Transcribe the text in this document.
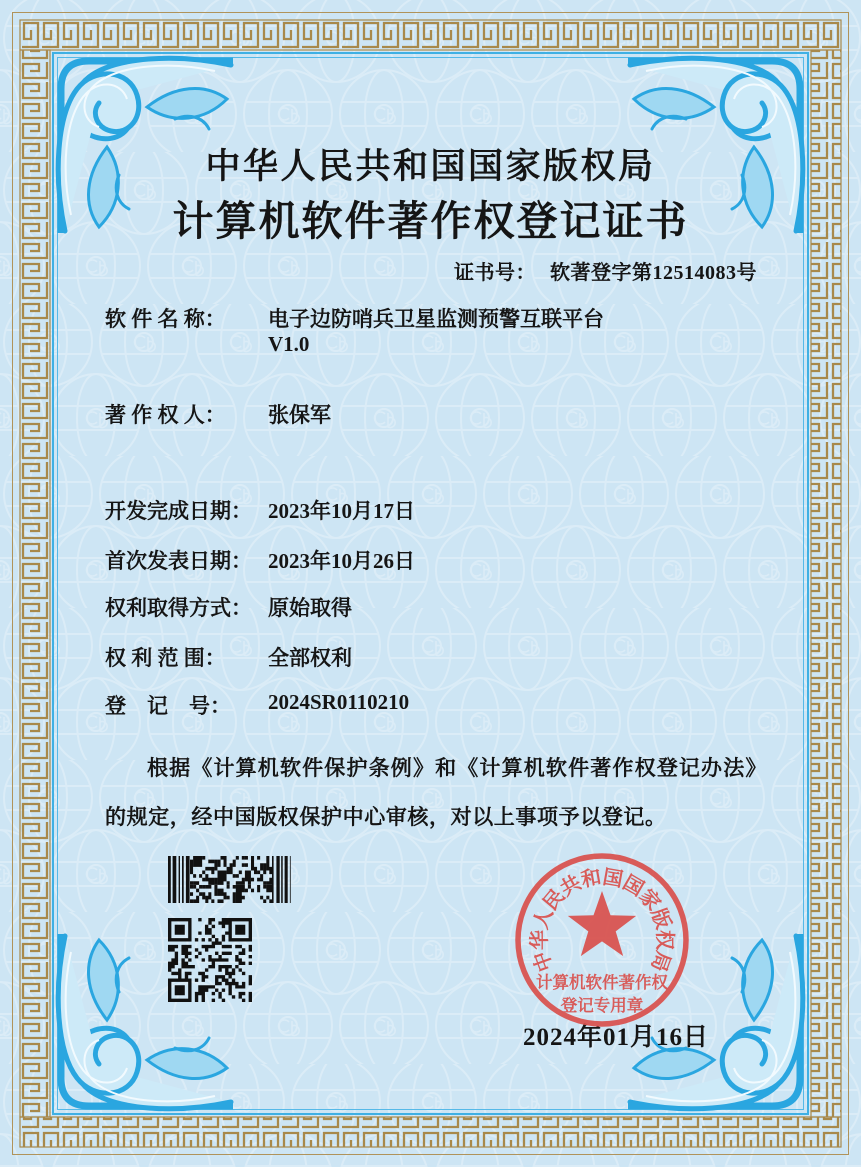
中华人民共和国国家版权局
计算机软件著作权登记证书
证书号： 软著登字第12514083号
软 件 名 称： 电子边防哨兵卫星监测预警互联平台
V1.0
著 作 权 人： 张保军
开发完成日期： 2023年10月17日
首次发表日期： 2023年10月26日
权利取得方式： 原始取得
权 利 范 围： 全部权利
登　记　号： 2024SR0110210
根据《计算机软件保护条例》和《计算机软件著作权登记办法》的规定，经中国版权保护中心审核，对以上事项予以登记。
2024年01月16日
中
华
人
民
共
和
国
国
家
版
权
局
计算机软件著作权
登记专用章
